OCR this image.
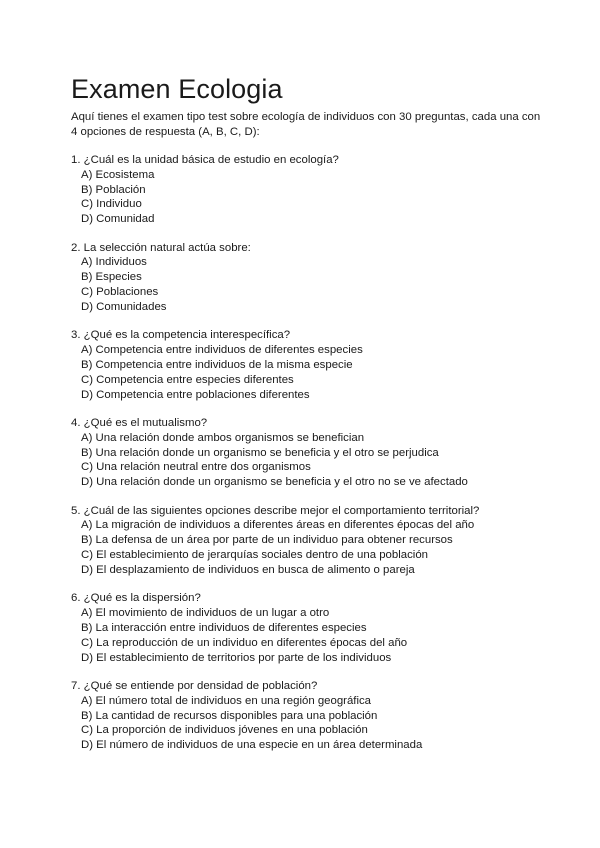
Examen Ecologia

Aquí tienes el examen tipo test sobre ecología de individuos con 30 preguntas, cada una con 4 opciones de respuesta (A, B, C, D):

1. ¿Cuál es la unidad básica de estudio en ecología?

A) Ecosistema
B) Población
C) Individuo
D) Comunidad

2. La selección natural actúa sobre:

A) Individuos
B) Especies
C) Poblaciones
D) Comunidades

3. ¿Qué es la competencia interespecífica?

A) Competencia entre individuos de diferentes especies
B) Competencia entre individuos de la misma especie
C) Competencia entre especies diferentes
D) Competencia entre poblaciones diferentes

4. ¿Qué es el mutualismo?

A) Una relación donde ambos organismos se benefician
B) Una relación donde un organismo se beneficia y el otro se perjudica
C) Una relación neutral entre dos organismos
D) Una relación donde un organismo se beneficia y el otro no se ve afectado

5. ¿Cuál de las siguientes opciones describe mejor el comportamiento territorial?

A) La migración de individuos a diferentes áreas en diferentes épocas del año
B) La defensa de un área por parte de un individuo para obtener recursos
C) El establecimiento de jerarquías sociales dentro de una población
D) El desplazamiento de individuos en busca de alimento o pareja

6. ¿Qué es la dispersión?

A) El movimiento de individuos de un lugar a otro
B) La interacción entre individuos de diferentes especies
C) La reproducción de un individuo en diferentes épocas del año
D) El establecimiento de territorios por parte de los individuos

7. ¿Qué se entiende por densidad de población?

A) El número total de individuos en una región geográfica
B) La cantidad de recursos disponibles para una población
C) La proporción de individuos jóvenes en una población
D) El número de individuos de una especie en un área determinada
